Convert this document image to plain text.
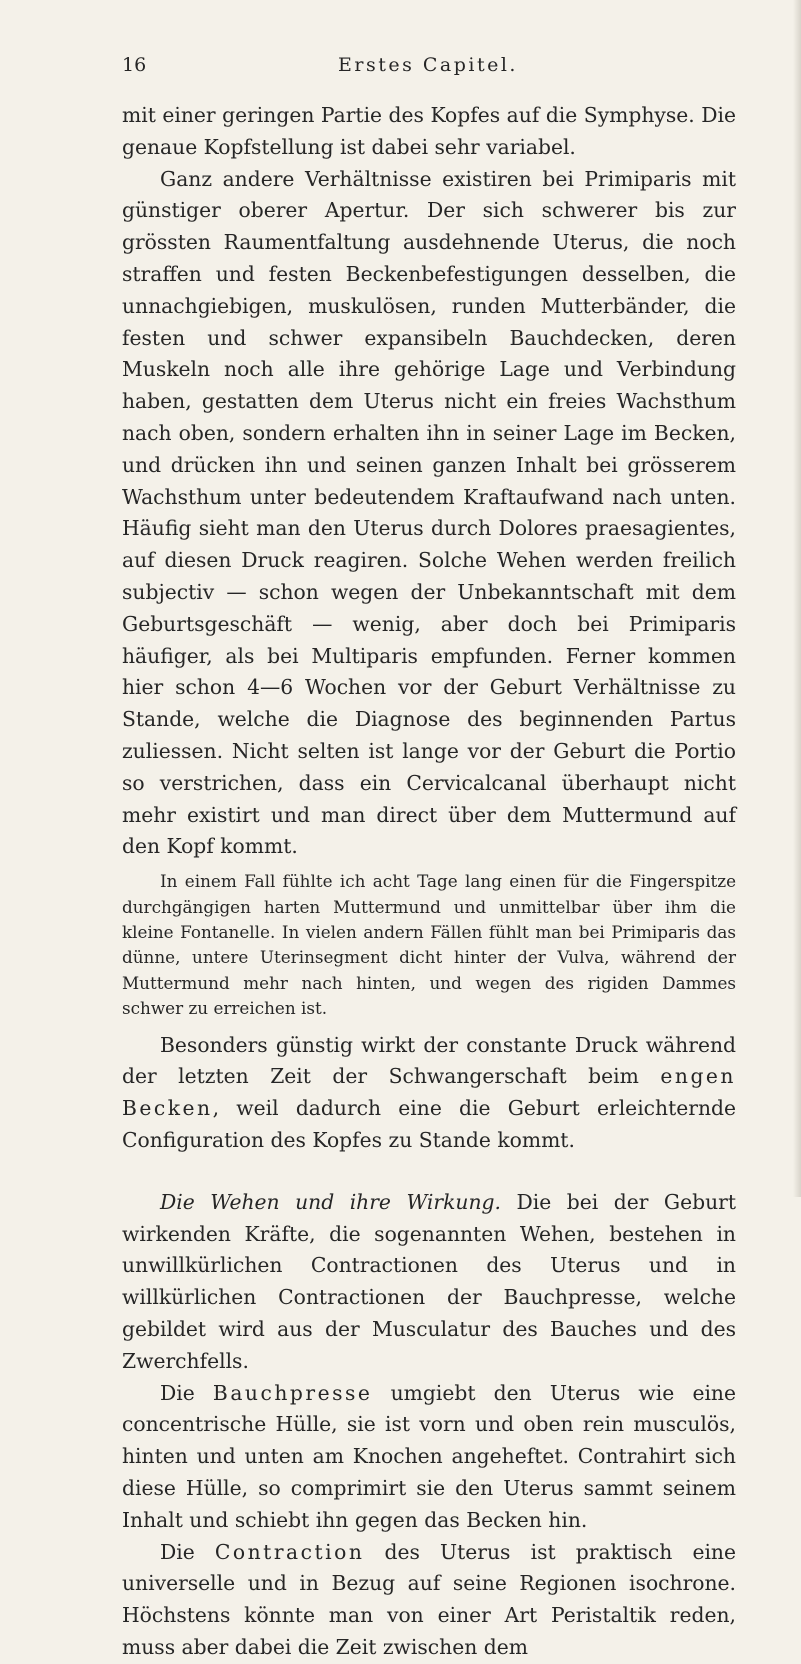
16	Erstes Capitel.

mit einer geringen Partie des Kopfes auf die Symphyse. Die genaue Kopfstellung ist dabei sehr variabel.

Ganz andere Verhältnisse existiren bei Primiparis mit günstiger oberer Apertur. Der sich schwerer bis zur grössten Raumentfaltung ausdehnende Uterus, die noch straffen und festen Beckenbefestigungen desselben, die unnachgiebigen, muskulösen, runden Mutterbänder, die festen und schwer expansibeln Bauchdecken, deren Muskeln noch alle ihre gehörige Lage und Verbindung haben, gestatten dem Uterus nicht ein freies Wachsthum nach oben, sondern erhalten ihn in seiner Lage im Becken, und drücken ihn und seinen ganzen Inhalt bei grösserem Wachsthum unter bedeutendem Kraftaufwand nach unten. Häufig sieht man den Uterus durch Dolores praesagientes, auf diesen Druck reagiren. Solche Wehen werden freilich subjectiv — schon wegen der Unbekanntschaft mit dem Geburtsgeschäft — wenig, aber doch bei Primiparis häufiger, als bei Multiparis empfunden. Ferner kommen hier schon 4—6 Wochen vor der Geburt Verhältnisse zu Stande, welche die Diagnose des beginnenden Partus zuliessen. Nicht selten ist lange vor der Geburt die Portio so verstrichen, dass ein Cervicalcanal überhaupt nicht mehr existirt und man direct über dem Muttermund auf den Kopf kommt.

In einem Fall fühlte ich acht Tage lang einen für die Fingerspitze durchgängigen harten Muttermund und unmittelbar über ihm die kleine Fontanelle. In vielen andern Fällen fühlt man bei Primiparis das dünne, untere Uterinsegment dicht hinter der Vulva, während der Muttermund mehr nach hinten, und wegen des rigiden Dammes schwer zu erreichen ist.

Besonders günstig wirkt der constante Druck während der letzten Zeit der Schwangerschaft beim engen Becken, weil dadurch eine die Geburt erleichternde Configuration des Kopfes zu Stande kommt.

Die Wehen und ihre Wirkung. Die bei der Geburt wirkenden Kräfte, die sogenannten Wehen, bestehen in unwillkürlichen Contractionen des Uterus und in willkürlichen Contractionen der Bauchpresse, welche gebildet wird aus der Musculatur des Bauches und des Zwerchfells.

Die Bauchpresse umgiebt den Uterus wie eine concentrische Hülle, sie ist vorn und oben rein musculös, hinten und unten am Knochen angeheftet. Contrahirt sich diese Hülle, so comprimirt sie den Uterus sammt seinem Inhalt und schiebt ihn gegen das Becken hin.

Die Contraction des Uterus ist praktisch eine universelle und in Bezug auf seine Regionen isochrone. Höchstens könnte man von einer Art Peristaltik reden, muss aber dabei die Zeit zwischen dem
